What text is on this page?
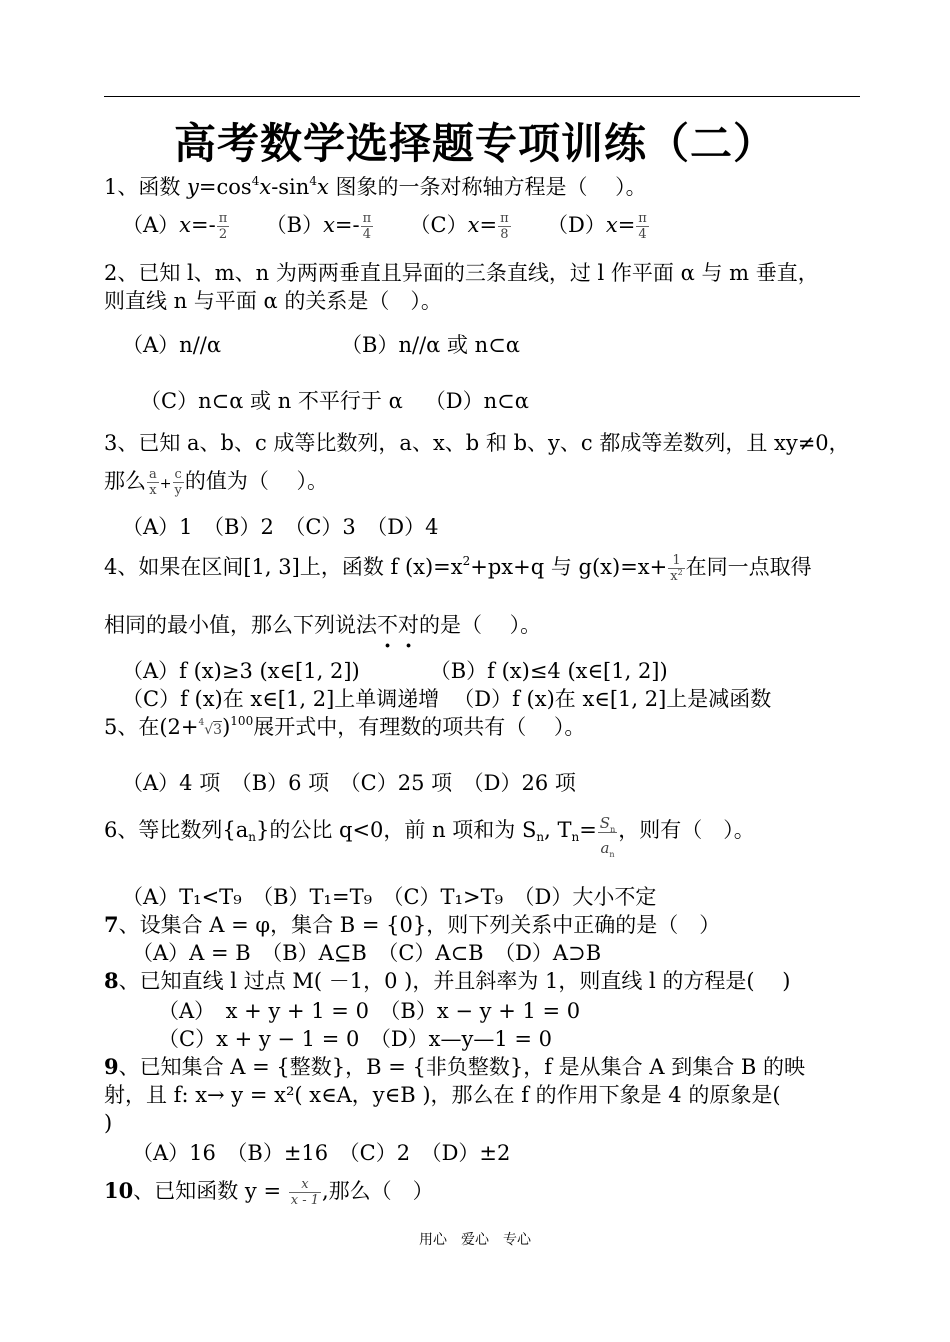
高考数学选择题专项训练（二）
1、函数 $y=\cos^4x-\sin^4x$ 图象的一条对称轴方程是（　 ）。
$(A)x=- \frac{\pi}{2} (B)x=- \frac{\pi}{4} (C)x= \frac{\pi}{8} (D)x= \frac{\pi}{4}$
2、已知 l、m、n 为两两垂直且异面的三条直线，过 l 作平面 α 与 m 垂直，
则直线 n 与平面 α 的关系是（　）。
（A）n//α	（B）n//α 或 n⊂α
（C）n⊂α 或 n 不平行于 α （D）n⊂α
3、已知 a、b、c 成等比数列，a、x、b 和 b、y、c 都成等差数列，且 xy≠0，
那么 $\frac{a}{x} + \frac{c}{y}$ 的值为（　 ）。
（A）1　（B）2　（C）3　（D）4
4、如果在区间[1, 3]上，函数 f $(x)=x^2+px+q$ 与 $g(x)=x+ \frac{1}{x^2}$ 在同一点取得
相同的最小值，那么下列说法不对的是（　 ）。
（A）f (x)≥3 (x∈[1, 2])	（B）f (x)≤4 (x∈[1, 2])
（C）f (x)在 x∈[1, 2]上单调递增 （D）f (x)在 x∈[1, 2]上是减函数
5、在$(2+^4√3)^{100}$展开式中，有理数的项共有（　 ）。
（A）4 项　（B）6 项　（C）25 项　（D）26 项
6、等比数列$\{a_n\}$的公比 q<0，前 n 项和为 $S_n$, $T_n= \frac{S_n}{a_n}$ ，则有（　）。
（A）T₁<T₉　（B）T₁=T₉　（C）T₁>T₉　（D）大小不定
7、设集合 A = φ，集合 B = {0}，则下列关系中正确的是（　）
（A）A = B　（B）A⊆B　（C）A⊂B　（D）A⊃B
8、已知直线 l 过点 M( －1，0 )，并且斜率为 1，则直线 l 的方程是(　 )
（A）　x + y + 1 = 0　（B）x − y + 1 = 0
（C）x + y − 1 = 0　（D）x—y—1 = 0
9、已知集合 A = {整数}，B = {非负整数}，f 是从集合 A 到集合 B 的映
射，且 f: x→ y = x²( x∈A，y∈B )，那么在 f 的作用下象是 4 的原象是(
)
（A）16　（B）±16　（C）2　（D）±2
10、已知函数 $y = \frac{x}{x - 1}$ ,那么（　）
用心　爱心　专心
